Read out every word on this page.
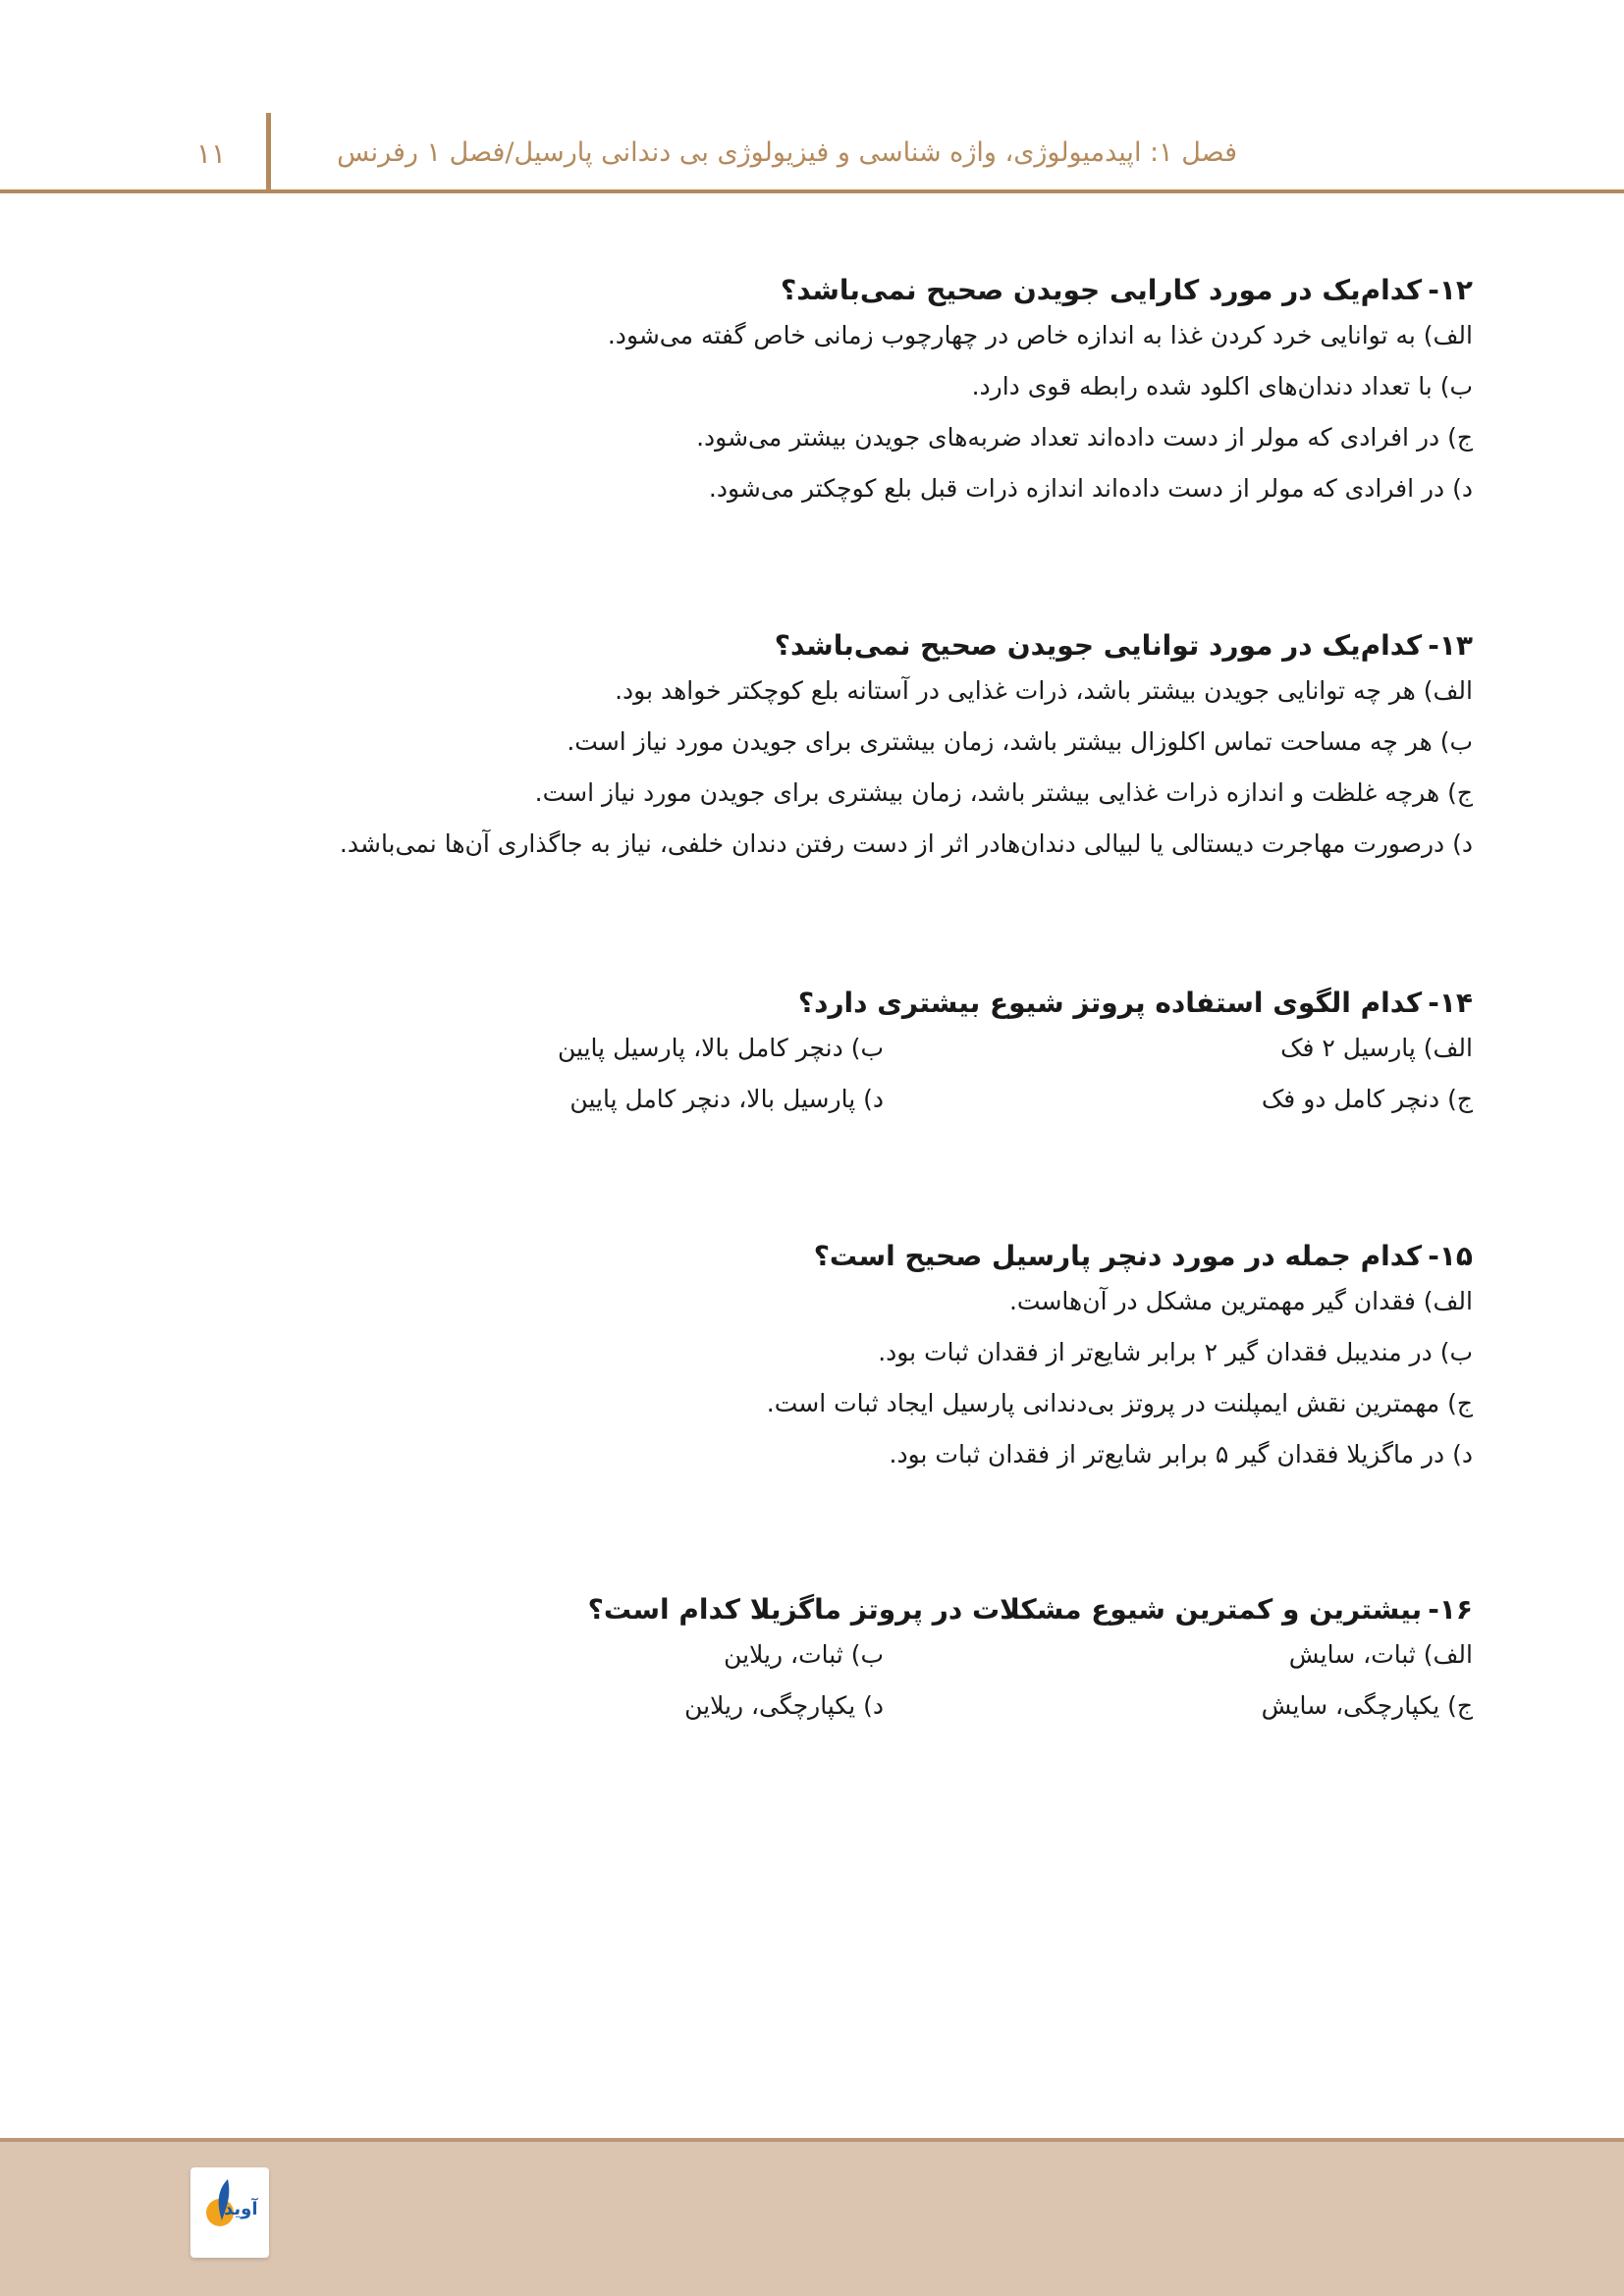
۱۱	فصل ۱: اپیدمیولوژی، واژه شناسی و فیزیولوژی بی دندانی پارسیل/فصل ۱ رفرنس
۱۲-کدام‌یک در مورد کارایی جویدن صحیح نمی‌باشد؟
الف) به توانایی خرد کردن غذا به اندازه خاص در چهارچوب زمانی خاص گفته می‌شود.
ب) با تعداد دندان‌های اکلود شده رابطه قوی دارد.
ج) در افرادی که مولر از دست داده‌اند تعداد ضربه‌های جویدن بیشتر می‌شود.
د) در افرادی که مولر از دست داده‌اند اندازه ذرات قبل بلع کوچکتر می‌شود.
۱۳-کدام‌یک در مورد توانایی جویدن صحیح نمی‌باشد؟
الف) هر چه توانایی جویدن بیشتر باشد، ذرات غذایی در آستانه بلع کوچکتر خواهد بود.
ب) هر چه مساحت تماس اکلوزال بیشتر باشد، زمان بیشتری برای جویدن مورد نیاز است.
ج) هرچه غلظت و اندازه ذرات غذایی بیشتر باشد، زمان بیشتری برای جویدن مورد نیاز است.
د) درصورت مهاجرت دیستالی یا لبیالی دندان‌هادر اثر از دست رفتن دندان خلفی، نیاز به جاگذاری آن‌ها نمی‌باشد.
۱۴-کدام الگوی استفاده پروتز شیوع بیشتری دارد؟
الف) پارسیل ۲ فک
ب) دنچر کامل بالا، پارسیل پایین
ج) دنچر کامل دو فک
د) پارسیل بالا، دنچر کامل پایین
۱۵-کدام جمله در مورد دنچر پارسیل صحیح است؟
الف) فقدان گیر مهمترین مشکل در آن‌هاست.
ب) در مندیبل فقدان گیر ۲ برابر شایع‌تر از فقدان ثبات بود.
ج) مهمترین نقش ایمپلنت در پروتز بی‌دندانی پارسیل ایجاد ثبات است.
د) در ماگزیلا فقدان گیر ۵ برابر شایع‌تر از فقدان ثبات بود.
۱۶-بیشترین و کمترین شیوع مشکلات در پروتز ماگزیلا کدام است؟
الف) ثبات، سایش
ب) ثبات، ریلاین
ج) یکپارچگی، سایش
د) یکپارچگی، ریلاین
آوید
